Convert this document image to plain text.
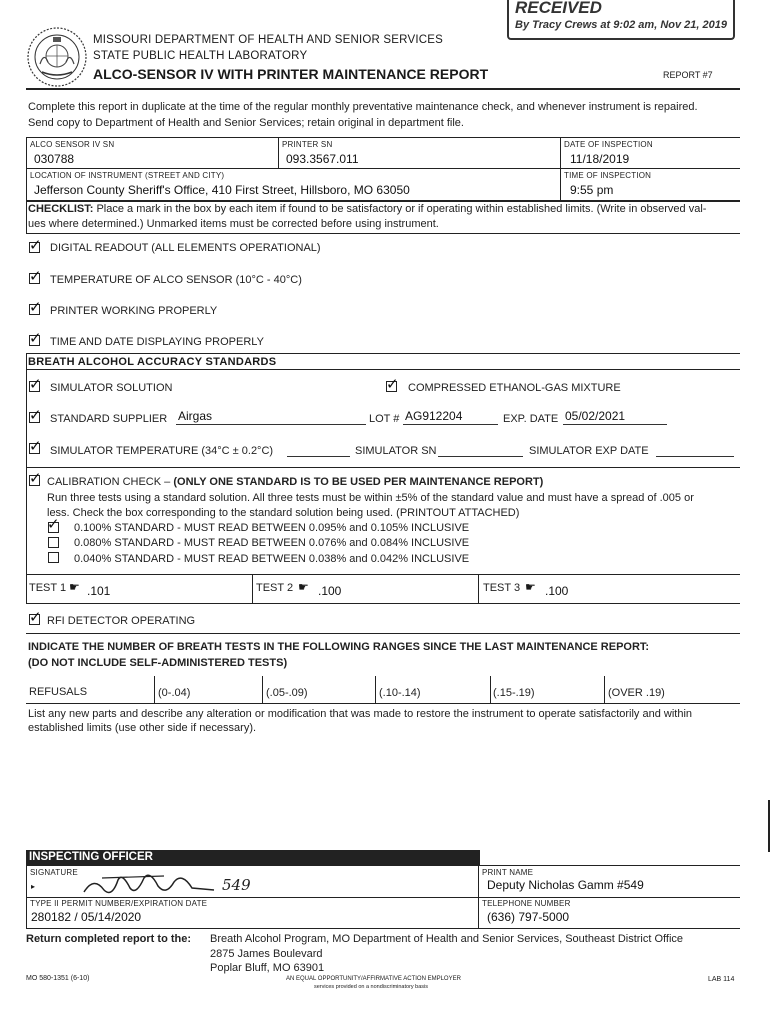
RECEIVED
By Tracy Crews at 9:02 am, Nov 21, 2019
MISSOURI DEPARTMENT OF HEALTH AND SENIOR SERVICES
STATE PUBLIC HEALTH LABORATORY
ALCO-SENSOR IV WITH PRINTER MAINTENANCE REPORT	REPORT #7
Complete this report in duplicate at the time of the regular monthly preventative maintenance check, and whenever instrument is repaired.
Send copy to Department of Health and Senior Services; retain original in department file.
ALCO SENSOR IV SN
030788
PRINTER SN
093.3567.011
DATE OF INSPECTION
11/18/2019
LOCATION OF INSTRUMENT (STREET AND CITY)
Jefferson County Sheriff's Office, 410 First Street, Hillsboro, MO 63050
TIME OF INSPECTION
9:55 pm
CHECKLIST: Place a mark in the box by each item if found to be satisfactory or if operating within established limits. (Write in observed val-
ues where determined.) Unmarked items must be corrected before using instrument.
✓ DIGITAL READOUT (ALL ELEMENTS OPERATIONAL)
✓ TEMPERATURE OF ALCO SENSOR (10°C - 40°C)
✓ PRINTER WORKING PROPERLY
✓ TIME AND DATE DISPLAYING PROPERLY
BREATH ALCOHOL ACCURACY STANDARDS
✓ SIMULATOR SOLUTION	✓ COMPRESSED ETHANOL-GAS MIXTURE
✓ STANDARD SUPPLIER Airgas	LOT # AG912204	EXP. DATE 05/02/2021
✓ SIMULATOR TEMPERATURE (34°C ± 0.2°C)	SIMULATOR SN	SIMULATOR EXP DATE
✓ CALIBRATION CHECK – (ONLY ONE STANDARD IS TO BE USED PER MAINTENANCE REPORT)
Run three tests using a standard solution. All three tests must be within ±5% of the standard value and must have a spread of .005 or
less. Check the box corresponding to the standard solution being used. (PRINTOUT ATTACHED)
✓ 0.100% STANDARD - MUST READ BETWEEN 0.095% and 0.105% INCLUSIVE
0.080% STANDARD - MUST READ BETWEEN 0.076% and 0.084% INCLUSIVE
0.040% STANDARD - MUST READ BETWEEN 0.038% and 0.042% INCLUSIVE
TEST 1 ☛ .101	TEST 2 ☛ .100	TEST 3 ☛ .100
✓ RFI DETECTOR OPERATING
INDICATE THE NUMBER OF BREATH TESTS IN THE FOLLOWING RANGES SINCE THE LAST MAINTENANCE REPORT:
(DO NOT INCLUDE SELF-ADMINISTERED TESTS)
REFUSALS	(0-.04)	(.05-.09)	(.10-.14)	(.15-.19)	(OVER .19)
List any new parts and describe any alteration or modification that was made to restore the instrument to operate satisfactorily and within
established limits (use other side if necessary).
INSPECTING OFFICER
SIGNATURE
▸	549
PRINT NAME
Deputy Nicholas Gamm #549
TYPE II PERMIT NUMBER/EXPIRATION DATE
280182 / 05/14/2020
TELEPHONE NUMBER
(636) 797-5000
Return completed report to the: Breath Alcohol Program, MO Department of Health and Senior Services, Southeast District Office
2875 James Boulevard
Poplar Bluff, MO 63901
MO 580-1351 (6-10)	AN EQUAL OPPORTUNITY/AFFIRMATIVE ACTION EMPLOYER
services provided on a nondiscriminatory basis
LAB 114
